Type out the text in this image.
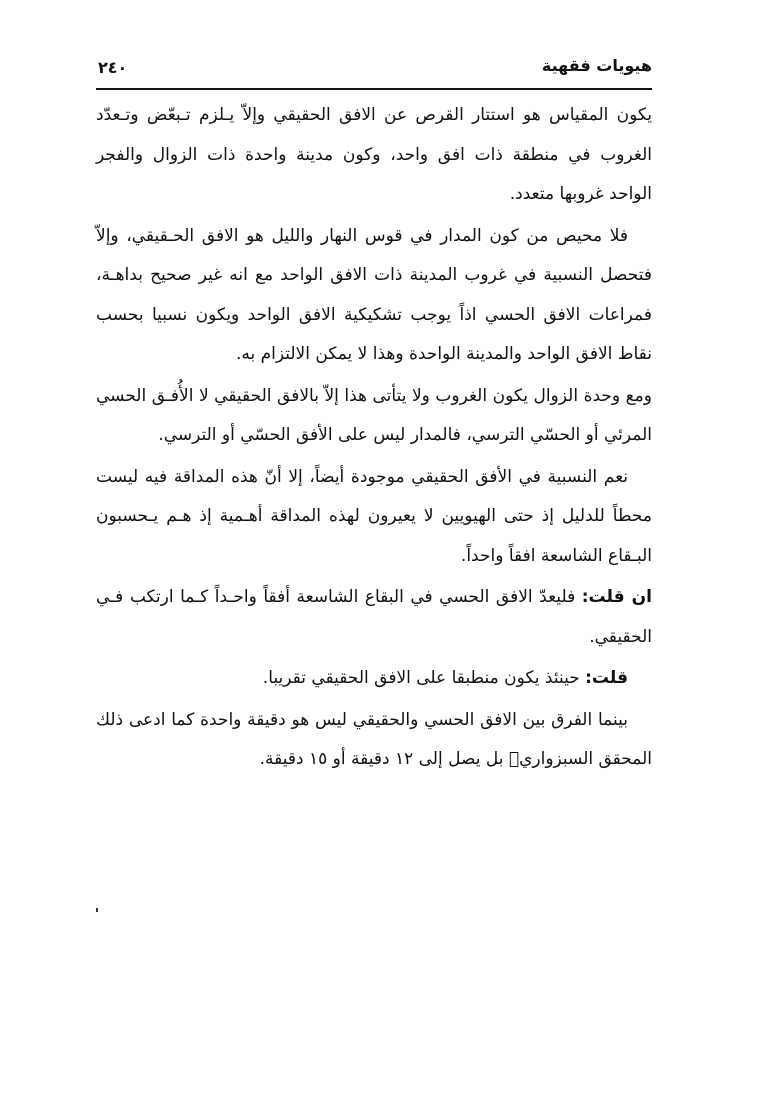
هيويات فقهية
٢٤٠

يكون المقياس هو استتار القرص عن الافق الحقيقي وإلاّ يـلزم تـبعّض وتـعدّد الغروب في منطقة ذات افق واحد، وكون مدينة واحدة ذات الزوال والفجر الواحد غروبها متعدد.

فلا محيص من كون المدار في قوس النهار والليل هو الافق الحـقيقي، وإلاّ فتحصل النسبية في غروب المدينة ذات الافق الواحد مع انه غير صحيح بداهـة، فمراعات الافق الحسي اذاً يوجب تشكيكية الافق الواحد ويكون نسبيا بحسب نقاط الافق الواحد والمدينة الواحدة وهذا لا يمكن الالتزام به.

ومع وحدة الزوال يكون الغروب ولا يتأتى هذا إلاّ بالافق الحقيقي لا الأُفـق الحسي المرئي أو الحسّي الترسي، فالمدار ليس على الأفق الحسّي أو الترسي.

نعم النسبية في الأفق الحقيقي موجودة أيضاً، إلا أنّ هذه المداقة فيه ليست محطاً للدليل إذ حتى الهيويين لا يعيرون لهذه المداقة أهـمية إذ هـم يـحسبون البـقاع الشاسعة افقاً واحداً.

ان قلت: فليعدّ الافق الحسي في البقاع الشاسعة أفقاً واحـداً كـما ارتكب فـي الحقيقي.

قلت: حينئذ يكون منطبقا على الافق الحقيقي تقريبا.

بينما الفرق بين الافق الحسي والحقيقي ليس هو دقيقة واحدة كما ادعى ذلك المحقق السبزواريؒ بل يصل إلى ١٢ دقيقة أو ١٥ دقيقة.
